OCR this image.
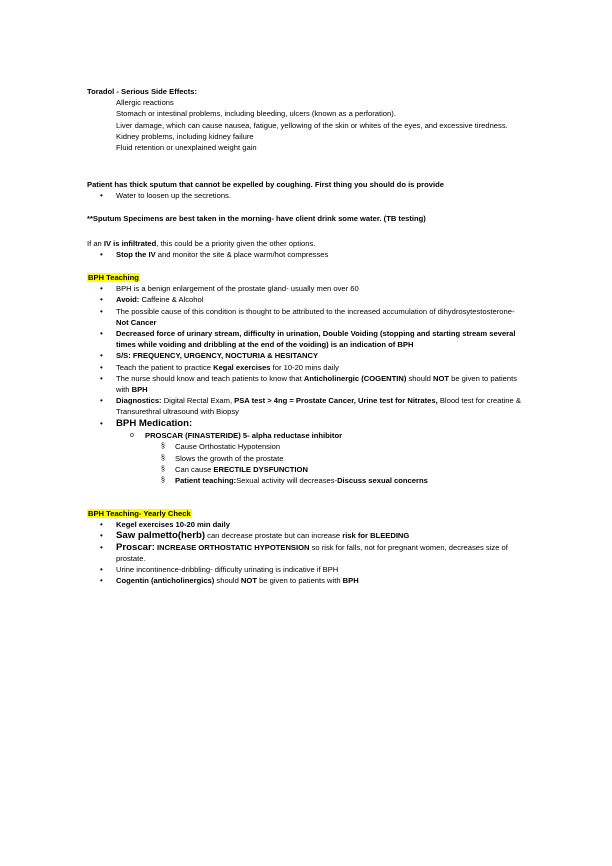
Toradol - Serious Side Effects:

Allergic reactions

Stomach or intestinal problems, including bleeding, ulcers (known as a perforation).

Liver damage, which can cause nausea, fatigue, yellowing of the skin or whites of the eyes, and excessive tiredness.

Kidney problems, including kidney failure

Fluid retention or unexplained weight gain

Patient has thick sputum that cannot be expelled by coughing. First thing you should do is provide

• Water to loosen up the secretions.

**Sputum Specimens are best taken in the morning- have client drink some water. (TB testing)

If an IV is infiltrated, this could be a priority given the other options.

• Stop the IV and monitor the site & place warm/hot compresses

BPH Teaching

• BPH is a benign enlargement of the prostate gland- usually men over 60
• Avoid: Caffeine & Alcohol
• The possible cause of this condition is thought to be attributed to the increased accumulation of dihydrosytestosterone- Not Cancer
• Decreased force of urinary stream, difficulty in urination, Double Voiding (stopping and starting stream several times while voiding and dribbling at the end of the voiding) is an indication of BPH
• S/S: FREQUENCY, URGENCY, NOCTURIA & HESITANCY
• Teach the patient to practice Kegal exercises for 10-20 mins daily
• The nurse should know and teach patients to know that Anticholinergic (COGENTIN) should NOT be given to patients with BPH
• Diagnostics: Digital Rectal Exam, PSA test > 4ng = Prostate Cancer, Urine test for Nitrates, Blood test for creatine & Transurethral ultrasound with Biopsy
• BPH Medication:
o PROSCAR (FINASTERIDE) 5- alpha reductase inhibitor
§ Cause Orthostatic Hypotension
§ Slows the growth of the prostate
§ Can cause ERECTILE DYSFUNCTION
§ Patient teaching:Sexual activity will decreases-Discuss sexual concerns

BPH Teaching- Yearly Check

• Kegel exercises 10-20 min daily
• Saw palmetto(herb) can decrease prostate but can increase risk for BLEEDING
• Proscar: INCREASE ORTHOSTATIC HYPOTENSION so risk for falls, not for pregnant women, decreases size of prostate.
• Urine incontinence-dribbling- difficulty urinating is indicative if BPH
• Cogentin (anticholinergics) should NOT be given to patients with BPH
